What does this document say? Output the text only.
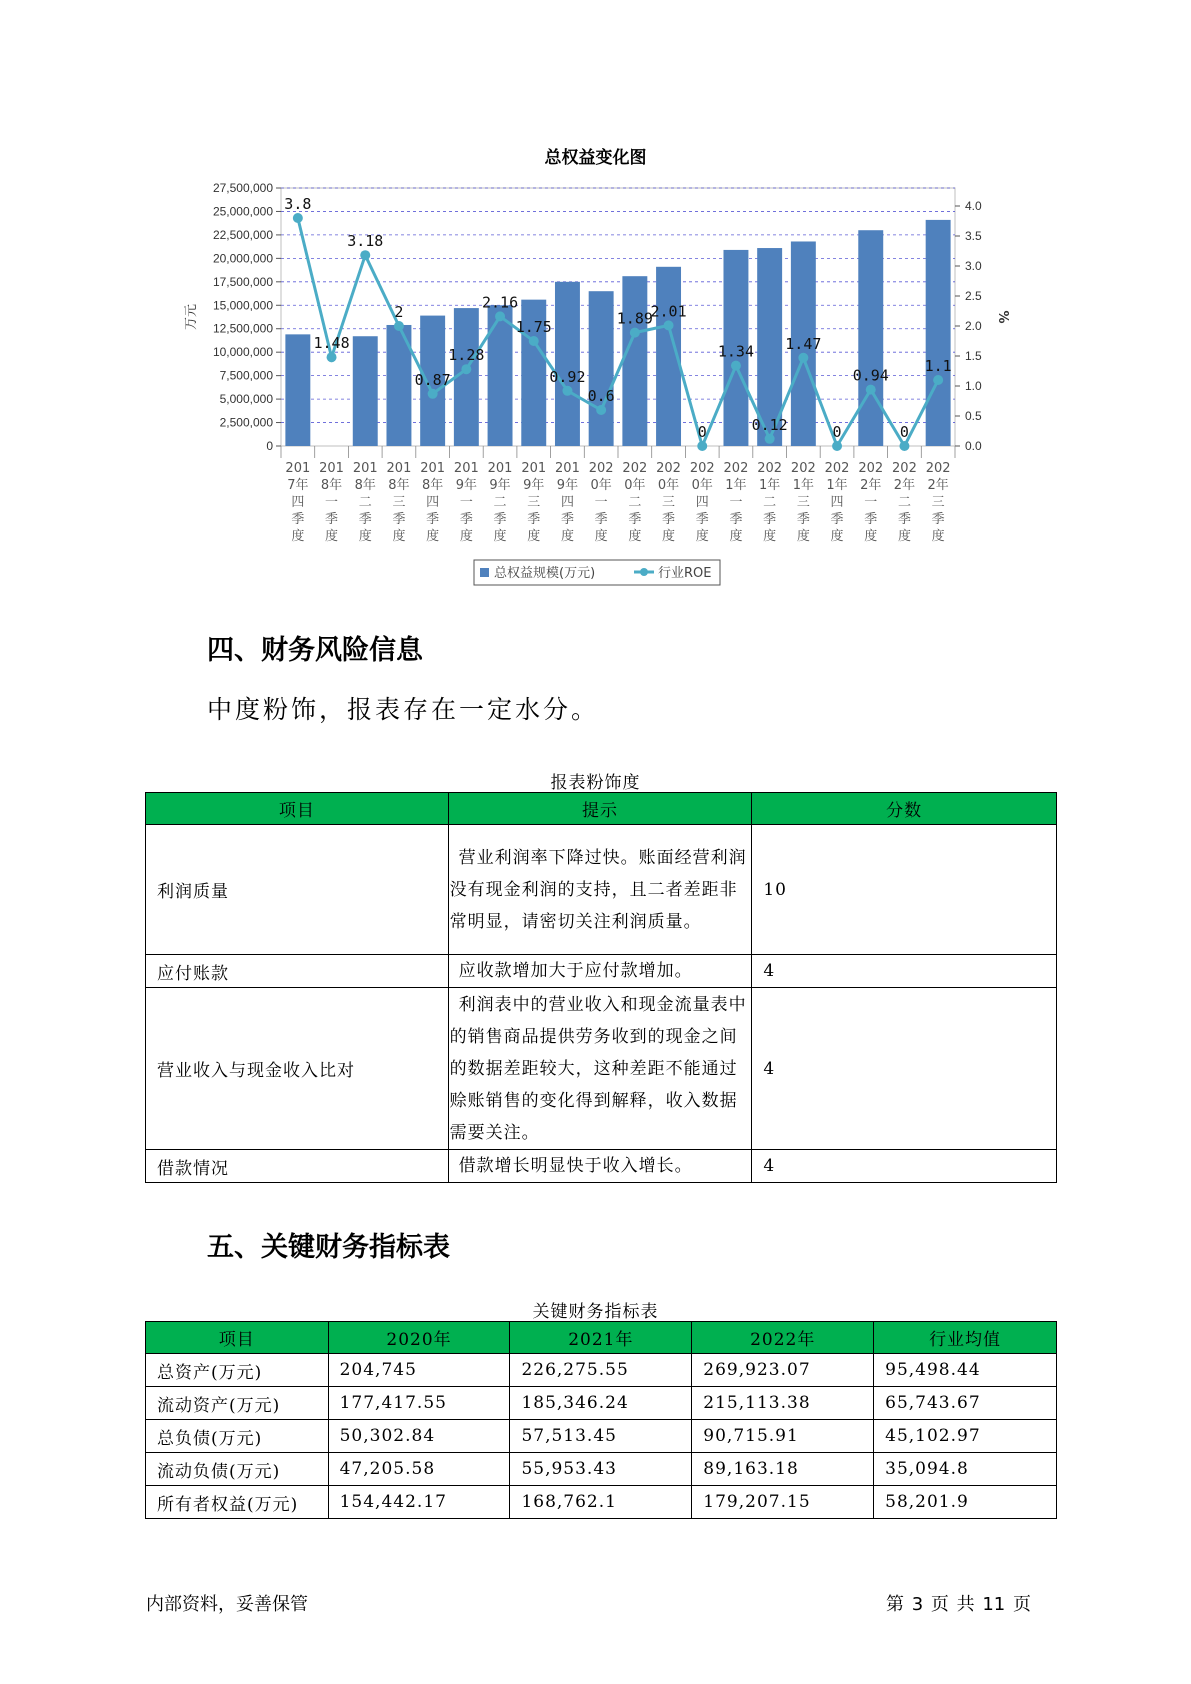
总权益变化图
27,500,000
25,000,000
22,500,000
20,000,000
17,500,000
15,000,000
12,500,000
10,000,000
7,500,000
5,000,000
2,500,000
0
4.0
3.5
3.0
2.5
2.0
1.5
1.0
0.5
0.0
万元	%
201
7年
四
季
度
201
8年
一
季
度
201
8年
二
季
度
201
8年
三
季
度
201
8年
四
季
度
201
9年
一
季
度
201
9年
二
季
度
201
9年
三
季
度
201
9年
四
季
度
202
0年
一
季
度
202
0年
二
季
度
202
0年
三
季
度
202
0年
四
季
度
202
1年
一
季
度
202
1年
二
季
度
202
1年
三
季
度
202
1年
四
季
度
202
2年
一
季
度
202
2年
二
季
度
202
2年
三
季
度
3.8
1.48
3.18
2
0.87
1.28
2.16
1.75
0.92
0.6
1.89
2.01
0
1.34
0.12
1.47
0
0.94
0
1.1
总权益规模(万元)	行业ROE
四、财务风险信息
中度粉饰，报表存在一定水分。
报表粉饰度
项目	提示	分数
利润质量	营业利润率下降过快。账面经营利润没有现金利润的支持，且二者差距非常明显，请密切关注利润质量。	10
应付账款	应收款增加大于应付款增加。	4
营业收入与现金收入比对	利润表中的营业收入和现金流量表中的销售商品提供劳务收到的现金之间的数据差距较大，这种差距不能通过赊账销售的变化得到解释，收入数据需要关注。	4
借款情况	借款增长明显快于收入增长。	4
五、关键财务指标表
关键财务指标表
项目	2020年	2021年	2022年	行业均值
总资产(万元)	204,745	226,275.55	269,923.07	95,498.44
流动资产(万元)	177,417.55	185,346.24	215,113.38	65,743.67
总负债(万元)	50,302.84	57,513.45	90,715.91	45,102.97
流动负债(万元)	47,205.58	55,953.43	89,163.18	35,094.8
所有者权益(万元)	154,442.17	168,762.1	179,207.15	58,201.9
内部资料，妥善保管	第 3 页 共 11 页
